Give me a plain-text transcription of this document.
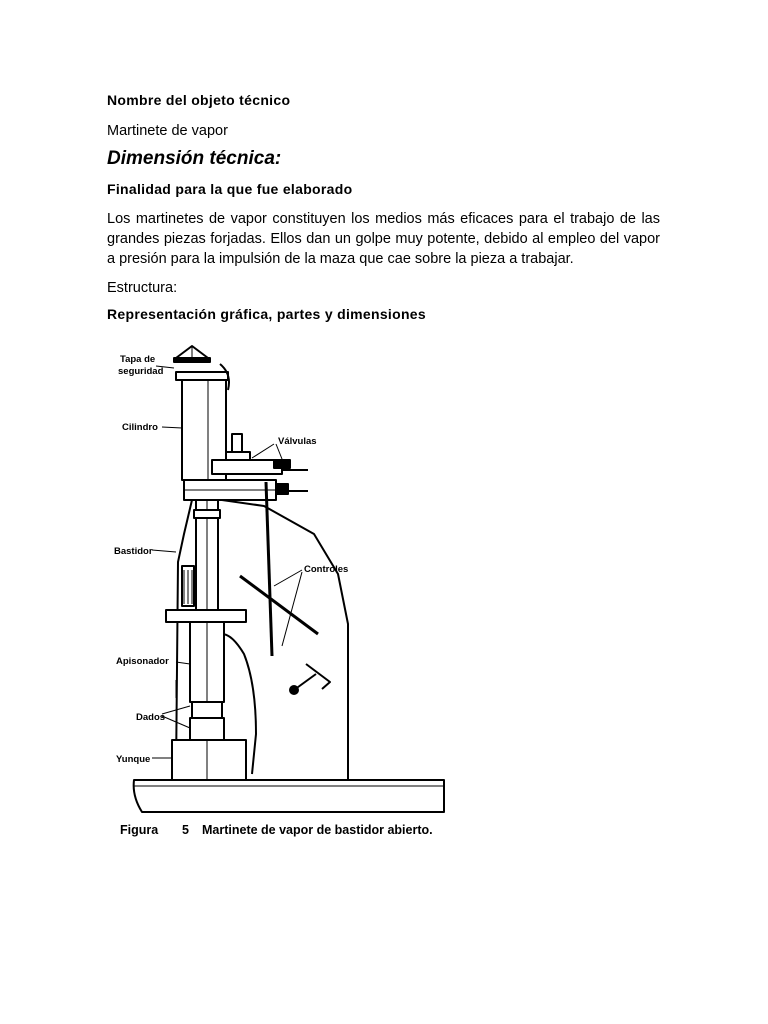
Nombre del objeto técnico
Martinete de vapor
Dimensión técnica:
Finalidad para la que fue elaborado
Los martinetes de vapor constituyen los medios más eficaces para el trabajo de las grandes piezas forjadas. Ellos dan un golpe muy potente, debido al empleo del vapor a presión para la impulsión de la maza que cae sobre la pieza a trabajar.
Estructura:
Representación gráfica, partes y dimensiones
Tapa de
seguridad
Cilindro
Válvulas
Bastidor
Controles
Apisonador
Dados
Yunque
Figura 5 Martinete de vapor de bastidor abierto.
